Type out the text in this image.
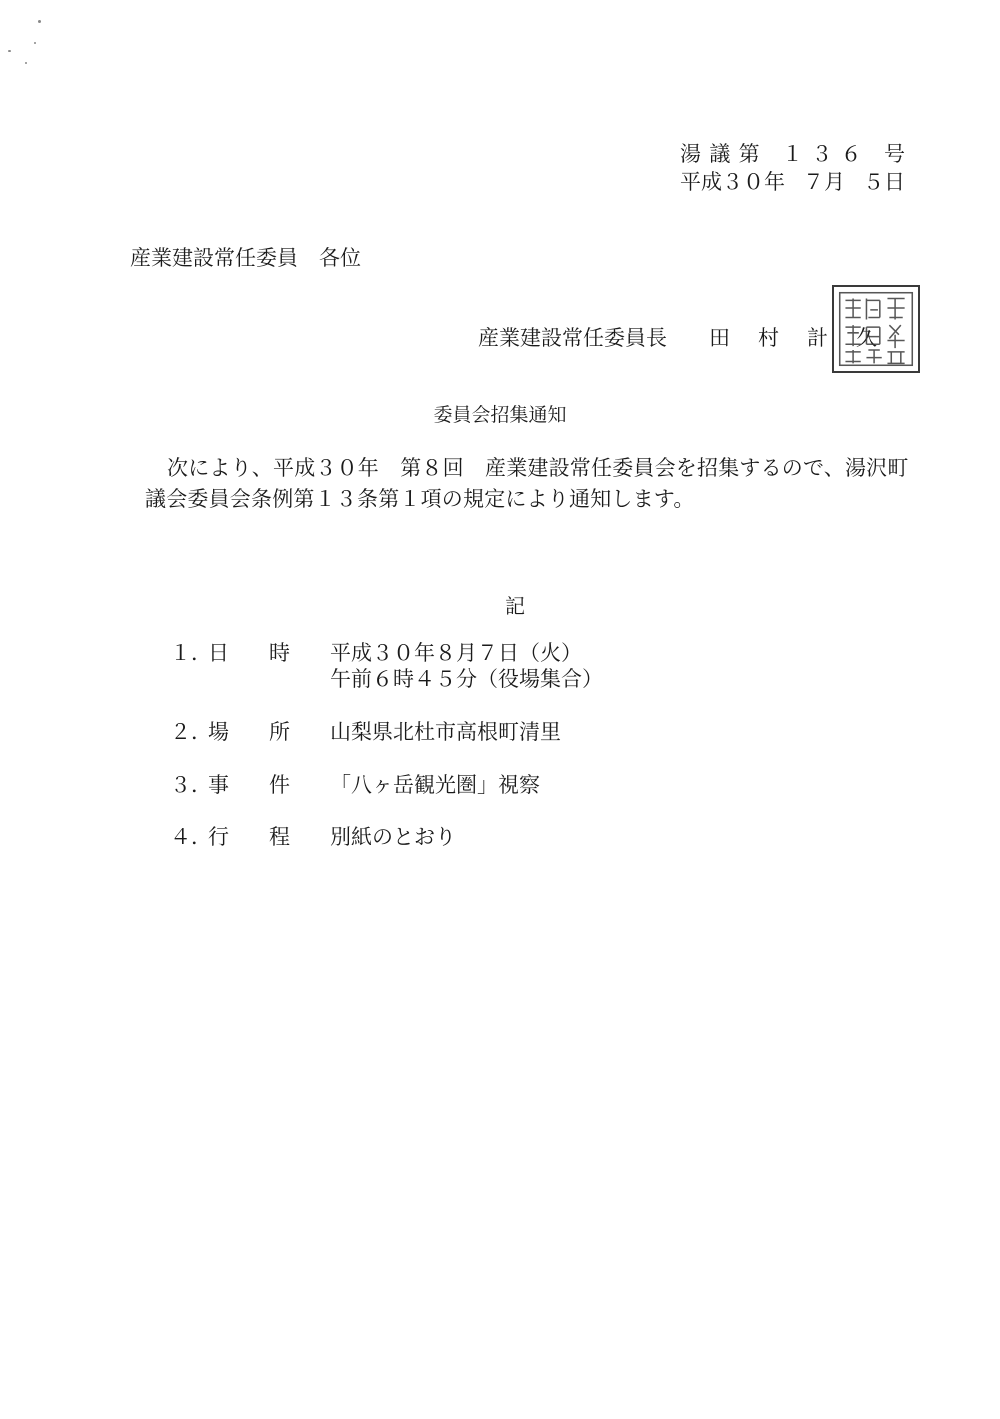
湯 議 第 １ ３ ６ 号
平成３０年 ７月 ５日
産業建設常任委員　各位
産業建設常任委員長 田 村 計 久
委員会招集通知
次により、平成３０年　第８回　産業建設常任委員会を招集するので、湯沢町議会委員会条例第１３条第１項の規定により通知します。
記
１．
日 時 平成３０年８月７日（火）
午前６時４５分（役場集合）
２．
場 所 山梨県北杜市高根町清里
３．
事 件 「八ヶ岳観光圏」視察
４．
行 程 別紙のとおり
